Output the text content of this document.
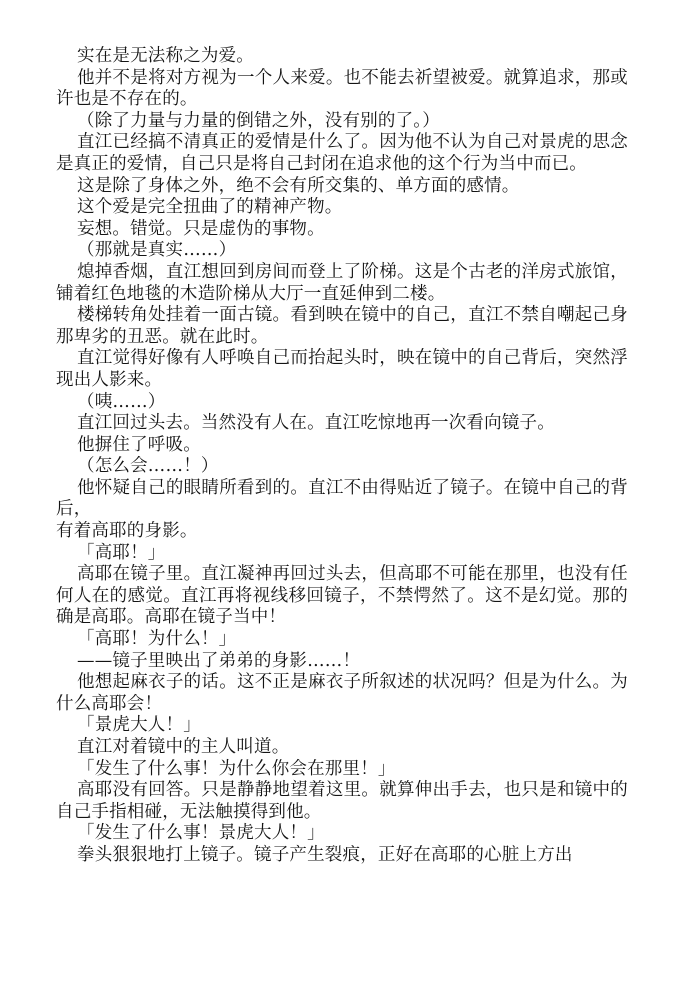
实在是无法称之为爱。

他并不是将对方视为一个人来爱。也不能去祈望被爱。就算追求，那或许也是不存在的。

（除了力量与力量的倒错之外，没有别的了。）

直江已经搞不清真正的爱情是什么了。因为他不认为自己对景虎的思念是真正的爱情，自己只是将自己封闭在追求他的这个行为当中而已。

这是除了身体之外，绝不会有所交集的、单方面的感情。

这个爱是完全扭曲了的精神产物。

妄想。错觉。只是虚伪的事物。

（那就是真实……）

熄掉香烟，直江想回到房间而登上了阶梯。这是个古老的洋房式旅馆，铺着红色地毯的木造阶梯从大厅一直延伸到二楼。

楼梯转角处挂着一面古镜。看到映在镜中的自己，直江不禁自嘲起己身那卑劣的丑恶。就在此时。

直江觉得好像有人呼唤自己而抬起头时，映在镜中的自己背后，突然浮现出人影来。

（咦……）

直江回过头去。当然没有人在。直江吃惊地再一次看向镜子。

他摒住了呼吸。

（怎么会……！）

他怀疑自己的眼睛所看到的。直江不由得贴近了镜子。在镜中自己的背后，

有着高耶的身影。

「高耶！」

高耶在镜子里。直江凝神再回过头去，但高耶不可能在那里，也没有任何人在的感觉。直江再将视线移回镜子，不禁愕然了。这不是幻觉。那的确是高耶。高耶在镜子当中！

「高耶！为什么！」

——镜子里映出了弟弟的身影……！

他想起麻衣子的话。这不正是麻衣子所叙述的状况吗？但是为什么。为什么高耶会！

「景虎大人！」

直江对着镜中的主人叫道。

「发生了什么事！为什么你会在那里！」

高耶没有回答。只是静静地望着这里。就算伸出手去，也只是和镜中的自己手指相碰，无法触摸得到他。

「发生了什么事！景虎大人！」

拳头狠狠地打上镜子。镜子产生裂痕，正好在高耶的心脏上方出
